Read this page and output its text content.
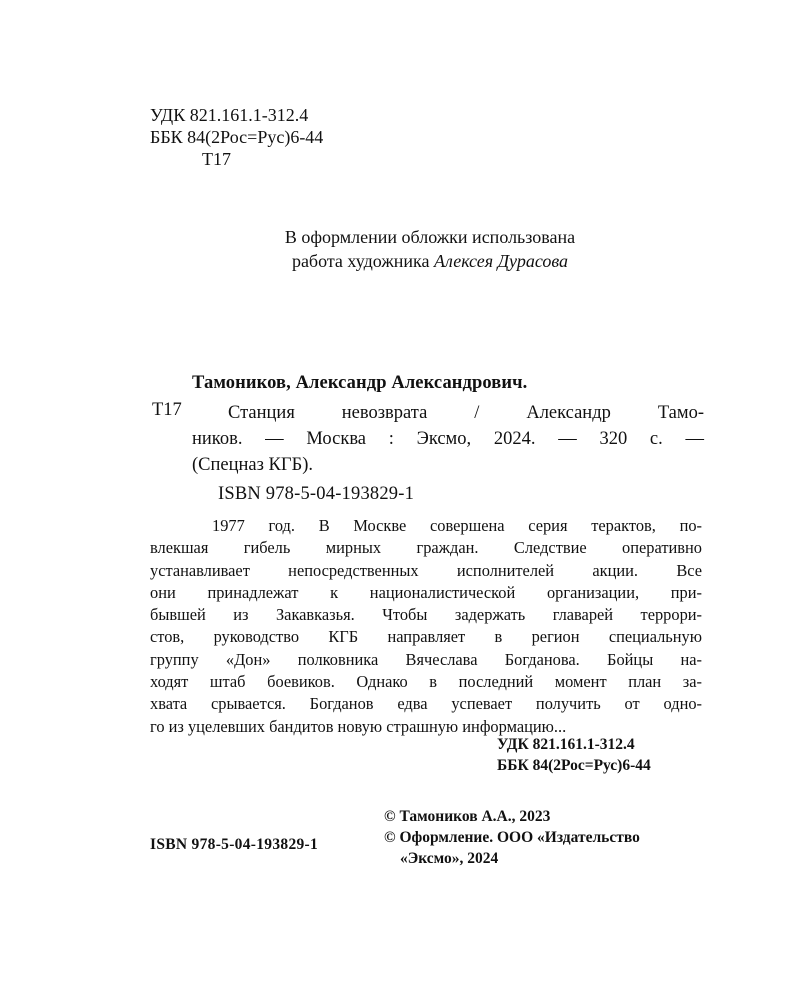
УДК 821.161.1-312.4
ББК 84(2Рос=Рус)6-44
Т17
В оформлении обложки использована
работа художника Алексея Дурасова
Тамоников, Александр Александрович.
Т17	Станция невозврата / Александр Тамо-
ников. — Москва : Эксмо, 2024. — 320 с. —
(Спецназ КГБ).
ISBN 978-5-04-193829-1
1977 год. В Москве совершена серия терактов, по-
влекшая гибель мирных граждан. Следствие оперативно
устанавливает непосредственных исполнителей акции. Все
они принадлежат к националистической организации, при-
бывшей из Закавказья. Чтобы задержать главарей террори-
стов, руководство КГБ направляет в регион специальную
группу «Дон» полковника Вячеслава Богданова. Бойцы на-
ходят штаб боевиков. Однако в последний момент план за-
хвата срывается. Богданов едва успевает получить от одно-
го из уцелевших бандитов новую страшную информацию...
УДК 821.161.1-312.4
ББК 84(2Рос=Рус)6-44
© Тамоников А.А., 2023
© Оформление. ООО «Издательство
«Эксмо», 2024
ISBN 978-5-04-193829-1
